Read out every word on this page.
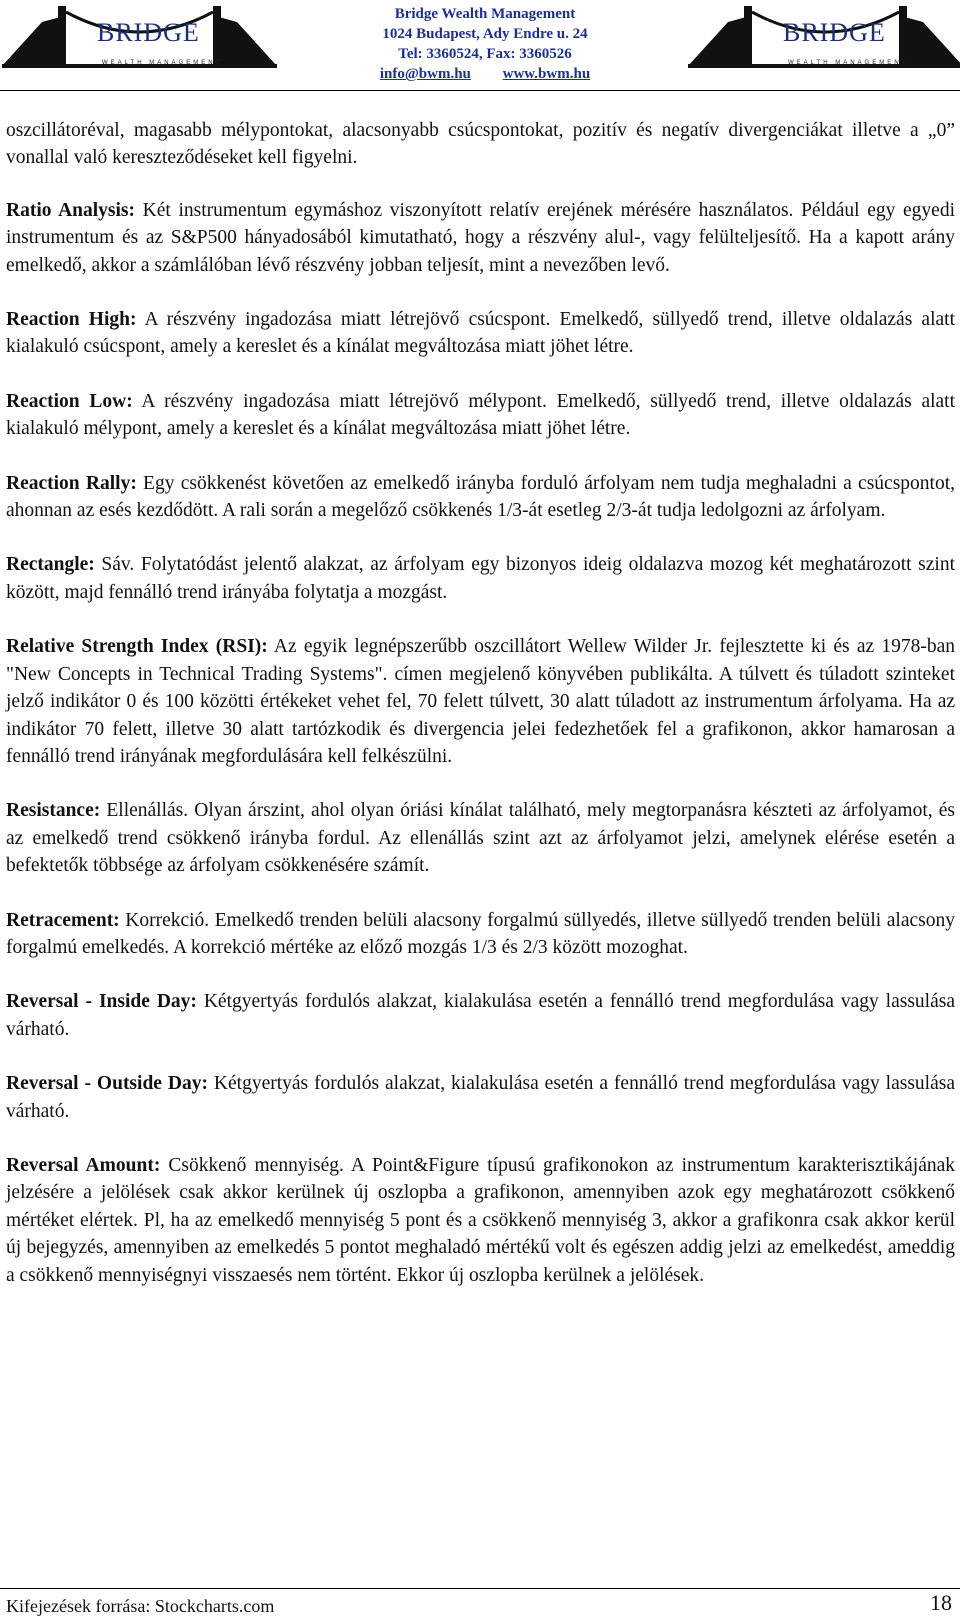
BRIDGE
WEALTH MANAGEMENT
Bridge Wealth Management
1024 Budapest, Ady Endre u. 24
Tel: 3360524, Fax: 3360526
info@bwm.hu www.bwm.hu
BRIDGE
WEALTH MANAGEMENT

oszcillátoréval, magasabb mélypontokat, alacsonyabb csúcspontokat, pozitív és negatív divergenciákat illetve a „0” vonallal való kereszteződéseket kell figyelni.

Ratio Analysis: Két instrumentum egymáshoz viszonyított relatív erejének mérésére használatos. Például egy egyedi instrumentum és az S&P500 hányadosából kimutatható, hogy a részvény alul-, vagy felülteljesítő. Ha a kapott arány emelkedő, akkor a számlálóban lévő részvény jobban teljesít, mint a nevezőben levő.

Reaction High: A részvény ingadozása miatt létrejövő csúcspont. Emelkedő, süllyedő trend, illetve oldalazás alatt kialakuló csúcspont, amely a kereslet és a kínálat megváltozása miatt jöhet létre.

Reaction Low: A részvény ingadozása miatt létrejövő mélypont. Emelkedő, süllyedő trend, illetve oldalazás alatt kialakuló mélypont, amely a kereslet és a kínálat megváltozása miatt jöhet létre.

Reaction Rally: Egy csökkenést követően az emelkedő irányba forduló árfolyam nem tudja meghaladni a csúcspontot, ahonnan az esés kezdődött. A rali során a megelőző csökkenés 1/3-át esetleg 2/3-át tudja ledolgozni az árfolyam.

Rectangle: Sáv. Folytatódást jelentő alakzat, az árfolyam egy bizonyos ideig oldalazva mozog két meghatározott szint között, majd fennálló trend irányába folytatja a mozgást.

Relative Strength Index (RSI): Az egyik legnépszerűbb oszcillátort Wellew Wilder Jr. fejlesztette ki és az 1978-ban "New Concepts in Technical Trading Systems". címen megjelenő könyvében publikálta. A túlvett és túladott szinteket jelző indikátor 0 és 100 közötti értékeket vehet fel, 70 felett túlvett, 30 alatt túladott az instrumentum árfolyama. Ha az indikátor 70 felett, illetve 30 alatt tartózkodik és divergencia jelei fedezhetőek fel a grafikonon, akkor hamarosan a fennálló trend irányának megfordulására kell felkészülni.

Resistance: Ellenállás. Olyan árszint, ahol olyan óriási kínálat található, mely megtorpanásra készteti az árfolyamot, és az emelkedő trend csökkenő irányba fordul. Az ellenállás szint azt az árfolyamot jelzi, amelynek elérése esetén a befektetők többsége az árfolyam csökkenésére számít.

Retracement: Korrekció. Emelkedő trenden belüli alacsony forgalmú süllyedés, illetve süllyedő trenden belüli alacsony forgalmú emelkedés. A korrekció mértéke az előző mozgás 1/3 és 2/3 között mozoghat.

Reversal - Inside Day: Kétgyertyás fordulós alakzat, kialakulása esetén a fennálló trend megfordulása vagy lassulása várható.

Reversal - Outside Day: Kétgyertyás fordulós alakzat, kialakulása esetén a fennálló trend megfordulása vagy lassulása várható.

Reversal Amount: Csökkenő mennyiség. A Point&Figure típusú grafikonokon az instrumentum karakterisztikájának jelzésére a jelölések csak akkor kerülnek új oszlopba a grafikonon, amennyiben azok egy meghatározott csökkenő mértéket elértek. Pl, ha az emelkedő mennyiség 5 pont és a csökkenő mennyiség 3, akkor a grafikonra csak akkor kerül új bejegyzés, amennyiben az emelkedés 5 pontot meghaladó mértékű volt és egészen addig jelzi az emelkedést, ameddig a csökkenő mennyiségnyi visszaesés nem történt. Ekkor új oszlopba kerülnek a jelölések.

Kifejezések forrása: Stockcharts.com	18
